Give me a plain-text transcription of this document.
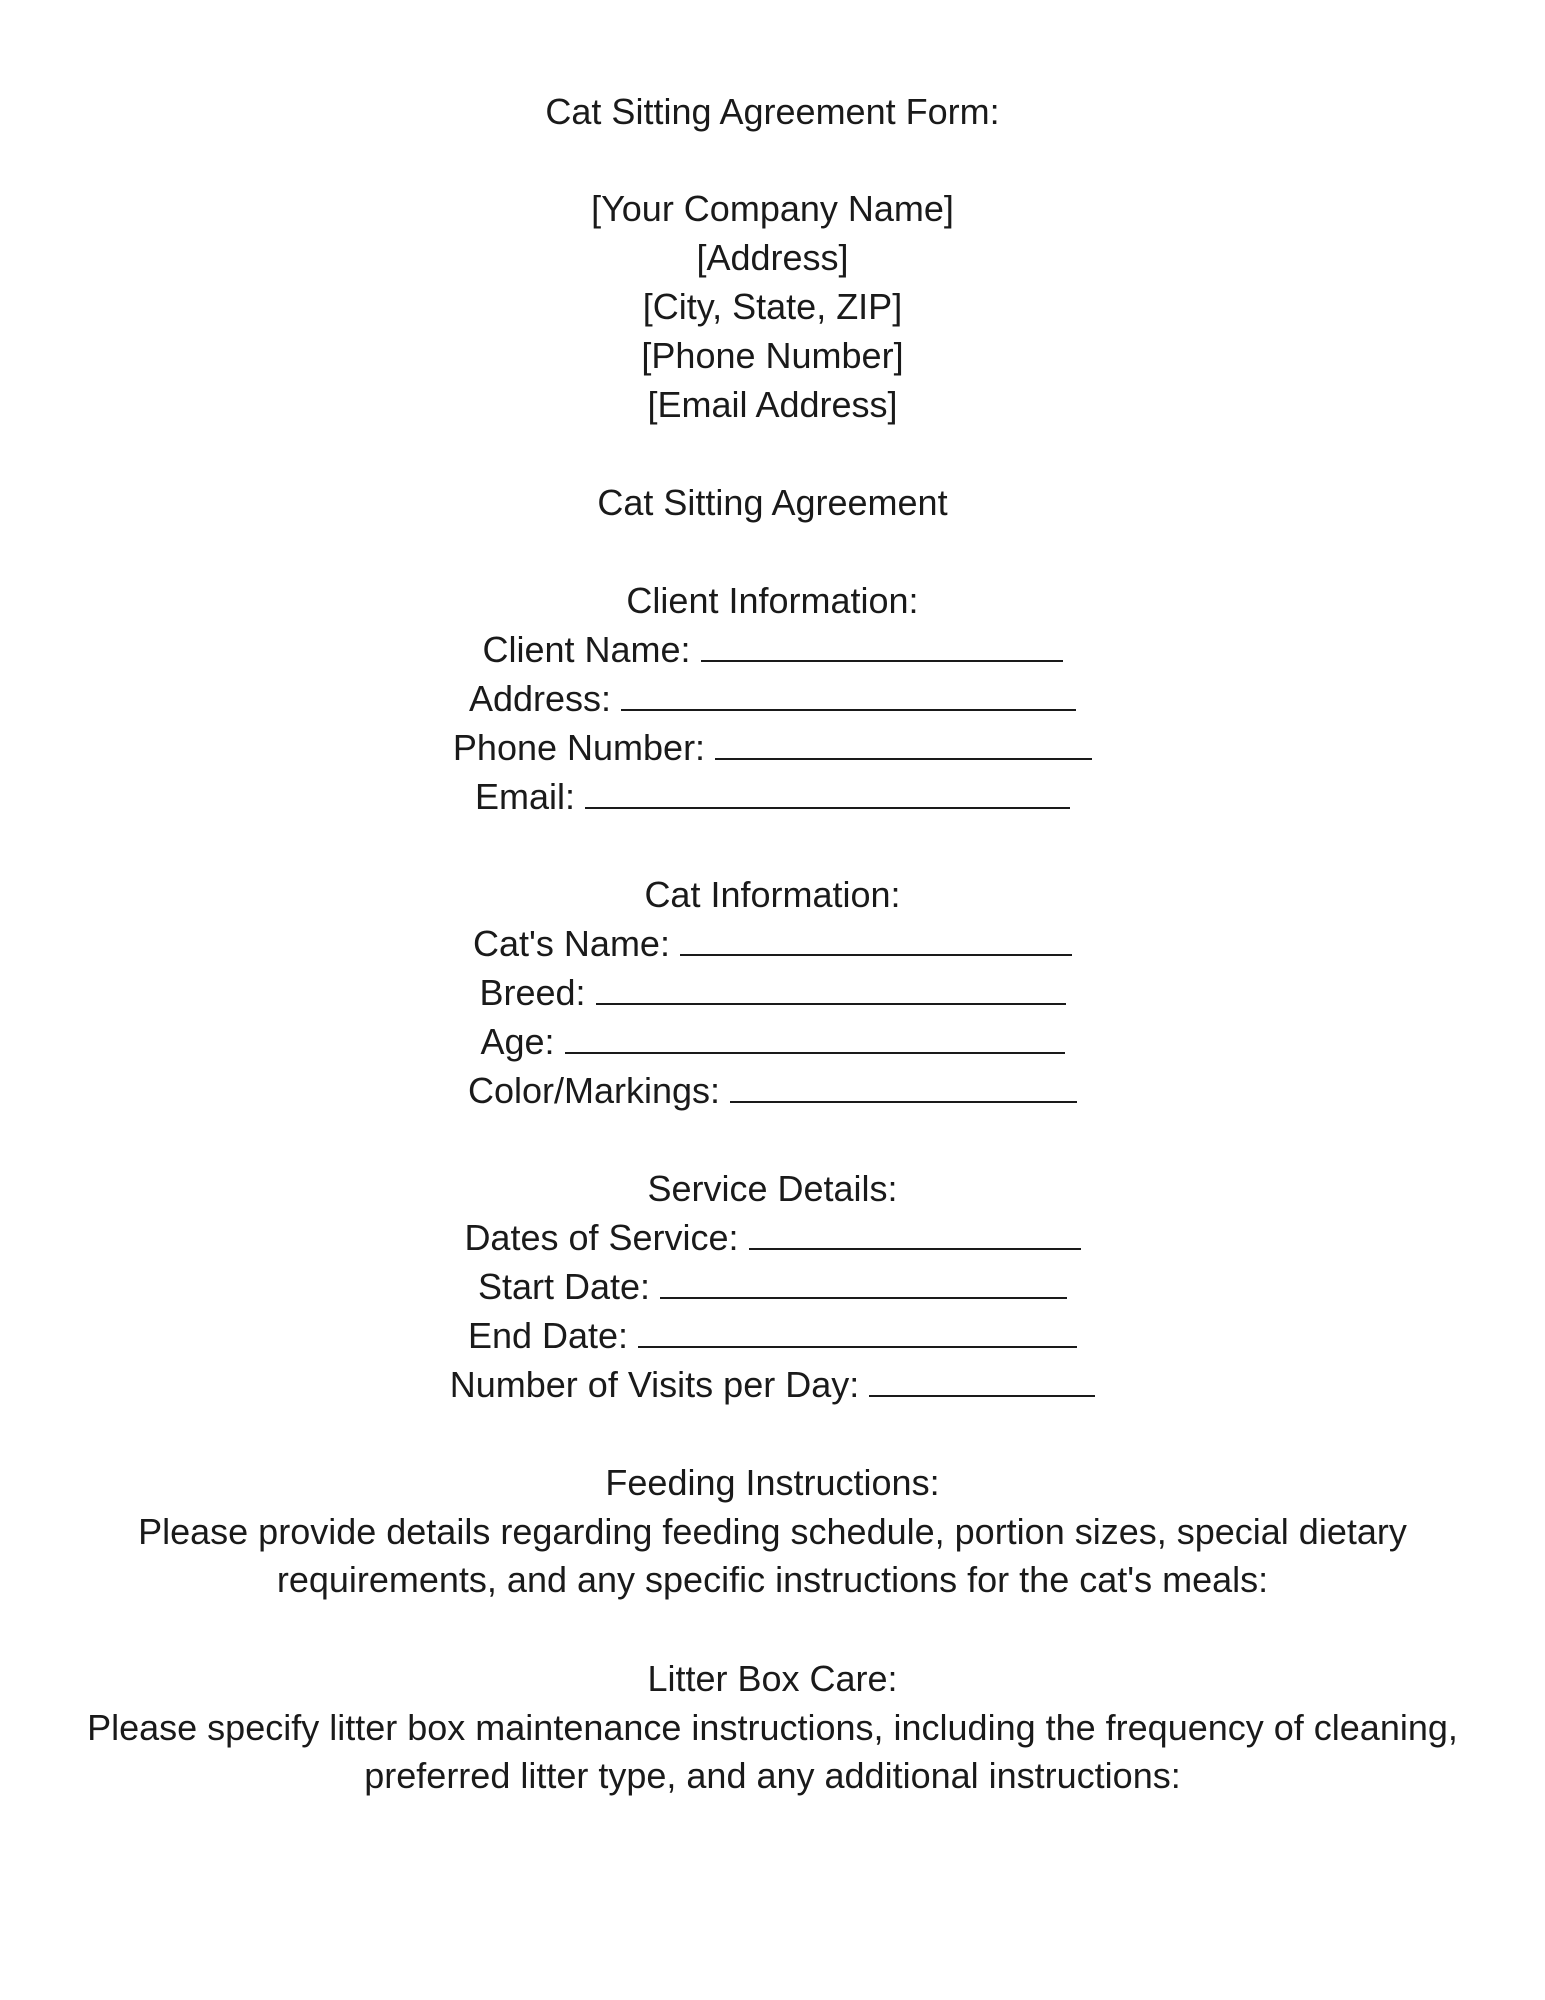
Cat Sitting Agreement Form:
[Your Company Name]
[Address]
[City, State, ZIP]
[Phone Number]
[Email Address]
Cat Sitting Agreement
Client Information:
Client Name:
Address:
Phone Number:
Email:
Cat Information:
Cat's Name:
Breed:
Age:
Color/Markings:
Service Details:
Dates of Service:
Start Date:
End Date:
Number of Visits per Day:
Feeding Instructions:
Please provide details regarding feeding schedule, portion sizes, special dietary requirements, and any specific instructions for the cat's meals:
Litter Box Care:
Please specify litter box maintenance instructions, including the frequency of cleaning, preferred litter type, and any additional instructions:
